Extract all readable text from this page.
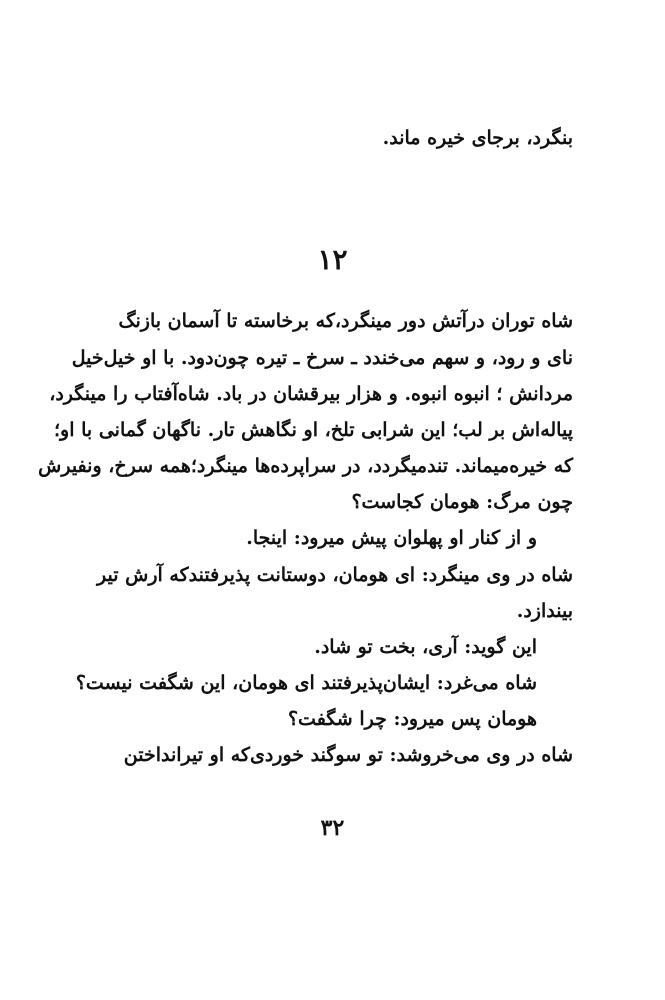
بنگرد، برجای خیره ماند.
۱۲
شاه توران درآتش دور مینگرد،که برخاسته تا آسمان بازنگ
نای و رود، و سهم می‌خندد ـ سرخ ـ تیره چون‌دود. با او خیل‌خیل
مردانش ؛ انبوه انبوه. و هزار بیرقشان در باد. شاه‌آفتاب را مینگرد،
پیاله‌اش بر لب؛ این شرابی تلخ، او نگاهش تار. ناگهان گمانی با او؛
که خیره‌میماند. تندمیگردد، در سراپرده‌ها مینگرد؛همه سرخ، ونفیرش
چون مرگ: هومان کجاست؟
و از کنار او پهلوان پیش میرود: اینجا.
شاه در وی مینگرد: ای هومان، دوستانت پذیرفتندکه آرش تیر
بیندازد.
این گوید: آری، بخت تو شاد.
شاه می‌غرد: ایشان‌پذیرفتند ای هومان، این شگفت نیست؟
هومان پس میرود: چرا شگفت؟
شاه در وی می‌خروشد: تو سوگند خوردی‌که او تیرانداختن
۳۲
